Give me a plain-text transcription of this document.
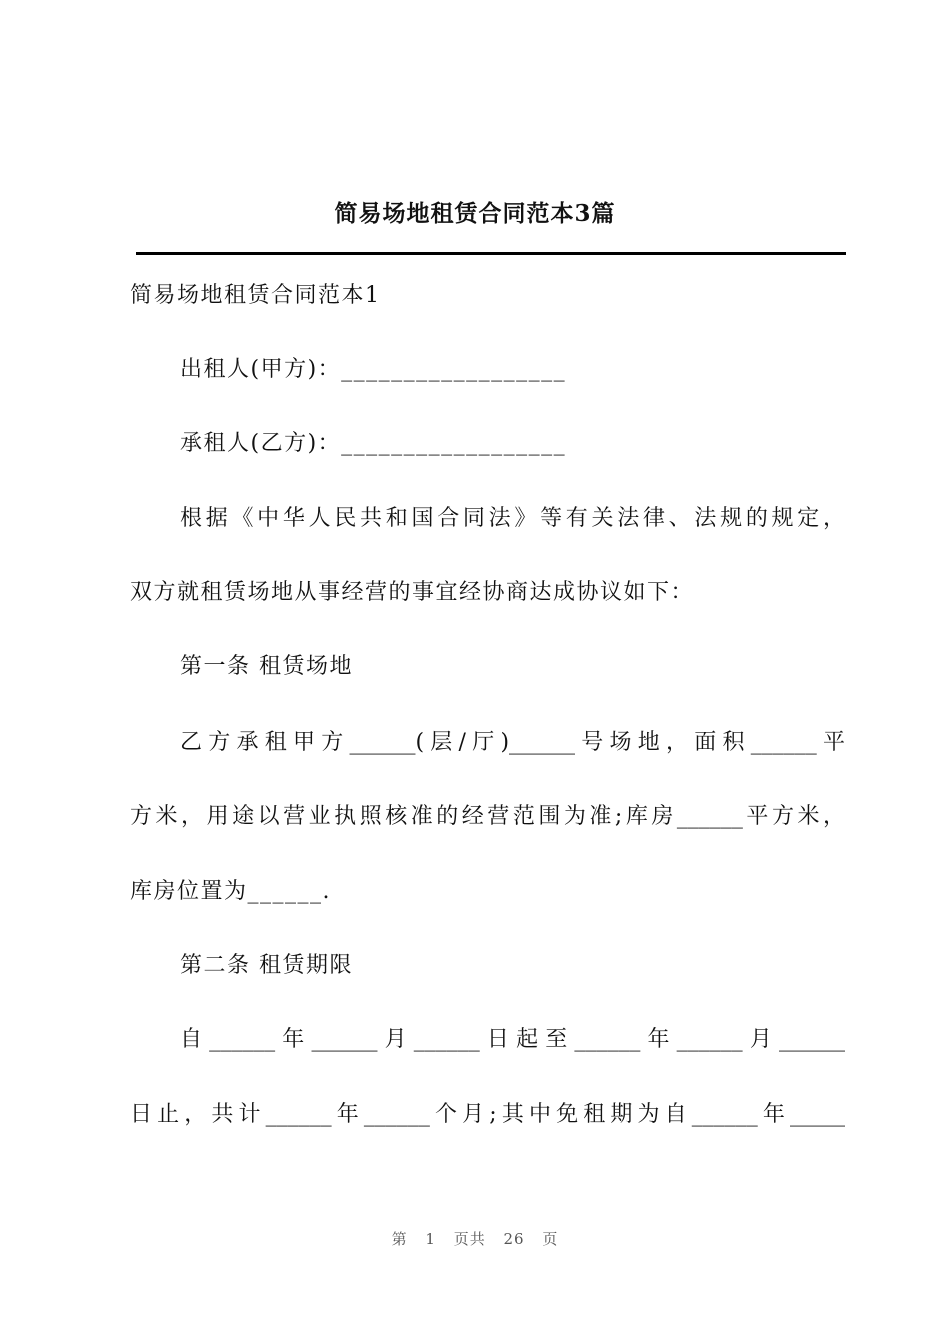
简易场地租赁合同范本3篇
简易场地租赁合同范本1
出租人(甲方)：__________________
承租人(乙方)：__________________
根据《中华人民共和国合同法》等有关法律、法规的规定，
双方就租赁场地从事经营的事宜经协商达成协议如下：
第一条 租赁场地
乙方承租甲方______(层/厅)______号场地，面积______平
方米，用途以营业执照核准的经营范围为准;库房______平方米，
库房位置为______.
第二条 租赁期限
自______年______月______日起至______年______月______
日止，共计______年______个月;其中免租期为自______年_____
第 1 页共 26 页
